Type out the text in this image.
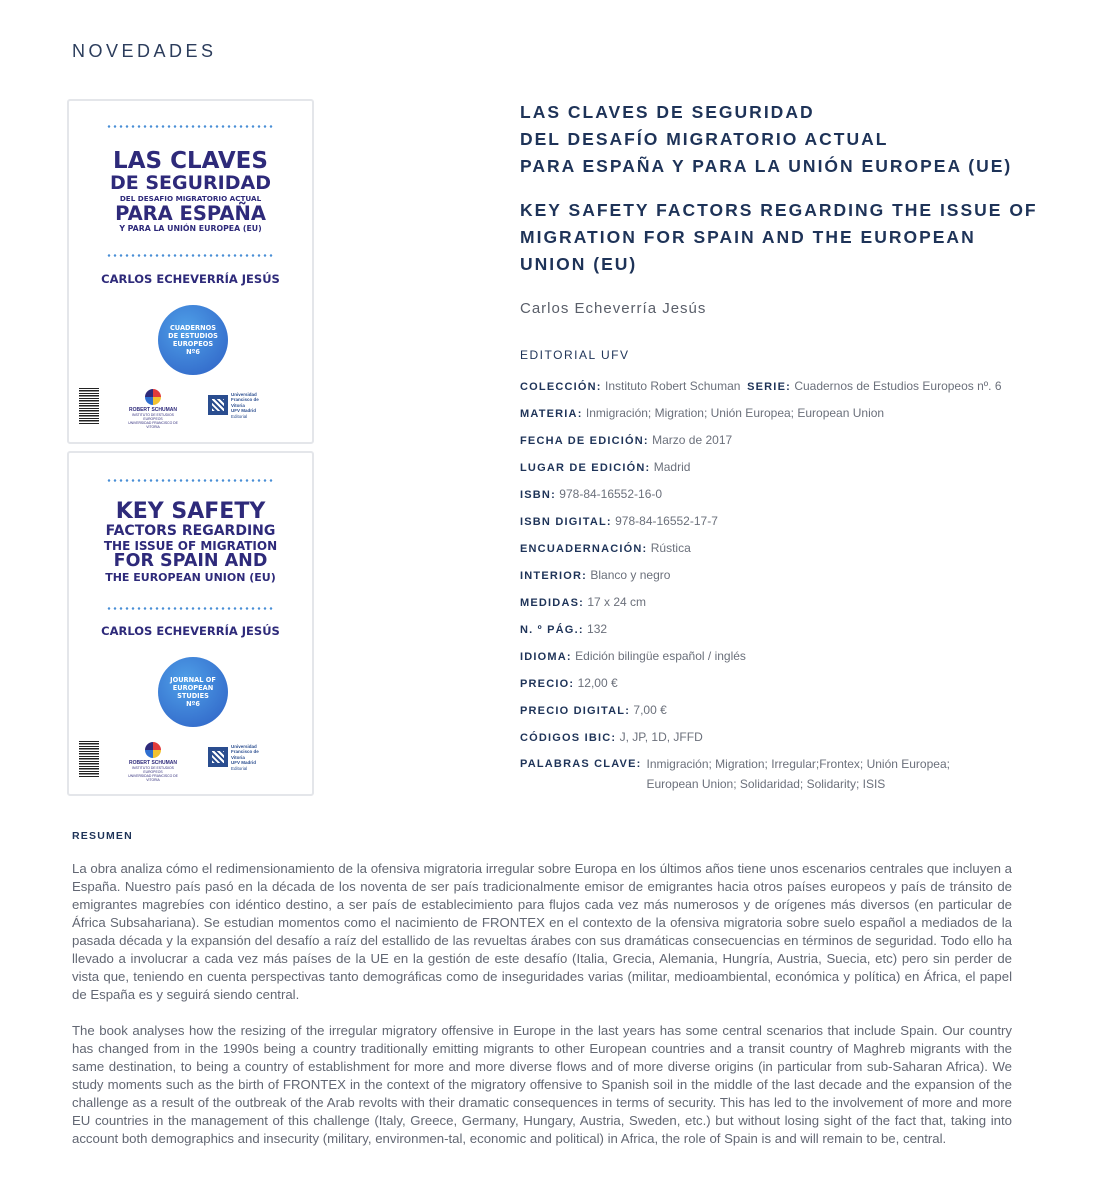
NOVEDADES
LAS CLAVES
DE SEGURIDAD
DEL DESAFIO MIGRATORIO ACTUAL
PARA ESPAÑA
Y PARA LA UNIÓN EUROPEA (EU)
CARLOS ECHEVERRÍA JESÚS
CUADERNOS
DE ESTUDIOS
EUROPEOS
Nº6
ROBERT SCHUMAN
INSTITUTO DE ESTUDIOS EUROPEOS
UNIVERSIDAD FRANCISCO DE VITORIA
Universidad
Francisco de Vitoria
UFV Madrid
Editorial
KEY SAFETY
FACTORS REGARDING
THE ISSUE OF MIGRATION
FOR SPAIN AND
THE EUROPEAN UNION (EU)
CARLOS ECHEVERRÍA JESÚS
JOURNAL OF
EUROPEAN
STUDIES
Nº6
ROBERT SCHUMAN
INSTITUTO DE ESTUDIOS EUROPEOS
UNIVERSIDAD FRANCISCO DE VITORIA
Universidad
Francisco de Vitoria
UFV Madrid
Editorial
LAS CLAVES DE SEGURIDAD
DEL DESAFÍO MIGRATORIO ACTUAL
PARA ESPAÑA Y PARA LA UNIÓN EUROPEA (UE)
KEY SAFETY FACTORS REGARDING THE ISSUE OF
MIGRATION FOR SPAIN AND THE EUROPEAN
UNION (EU)
Carlos Echeverría Jesús
EDITORIAL UFV
COLECCIÓN: Instituto Robert Schuman SERIE: Cuadernos de Estudios Europeos nº. 6
MATERIA: Inmigración; Migration; Unión Europea; European Union
FECHA DE EDICIÓN: Marzo de 2017
LUGAR DE EDICIÓN: Madrid
ISBN: 978-84-16552-16-0
ISBN DIGITAL: 978-84-16552-17-7
ENCUADERNACIÓN: Rústica
INTERIOR: Blanco y negro
MEDIDAS: 17 x 24 cm
N. º PÁG.: 132
IDIOMA: Edición bilingüe español / inglés
PRECIO: 12,00 €
PRECIO DIGITAL: 7,00 €
CÓDIGOS IBIC: J, JP, 1D, JFFD
PALABRAS CLAVE: Inmigración; Migration; Irregular;Frontex; Unión Europea;
European Union; Solidaridad; Solidarity; ISIS
RESUMEN
La obra analiza cómo el redimensionamiento de la ofensiva migratoria irregular sobre Europa en los últimos años tiene unos escenarios centrales que incluyen a España. Nuestro país pasó en la década de los noventa de ser país tradicionalmente emisor de emigrantes hacia otros países europeos y país de tránsito de emigrantes magrebíes con idéntico destino, a ser país de establecimiento para flujos cada vez más numerosos y de orígenes más diversos (en particular de África Subsahariana). Se estudian momentos como el nacimiento de FRONTEX en el contexto de la ofensiva migratoria sobre suelo español a mediados de la pasada década y la expansión del desafío a raíz del estallido de las revueltas árabes con sus dramáticas consecuencias en términos de seguridad. Todo ello ha llevado a involucrar a cada vez más países de la UE en la gestión de este desafío (Italia, Grecia, Alemania, Hungría, Austria, Suecia, etc) pero sin perder de vista que, teniendo en cuenta perspectivas tanto demográficas como de inseguridades varias (militar, medioambiental, económica y política) en África, el papel de España es y seguirá siendo central.
The book analyses how the resizing of the irregular migratory offensive in Europe in the last years has some central scenarios that include Spain. Our country has changed from in the 1990s being a country traditionally emitting migrants to other European countries and a transit country of Maghreb migrants with the same destination, to being a country of establishment for more and more diverse flows and of more diverse origins (in particular from sub-Saharan Africa). We study moments such as the birth of FRONTEX in the context of the migratory offensive to Spanish soil in the middle of the last decade and the expansion of the challenge as a result of the outbreak of the Arab revolts with their dramatic consequences in terms of security. This has led to the involvement of more and more EU countries in the management of this challenge (Italy, Greece, Germany, Hungary, Austria, Sweden, etc.) but without losing sight of the fact that, taking into account both demographics and insecurity (military, environmen-tal, economic and political) in Africa, the role of Spain is and will remain to be, central.
